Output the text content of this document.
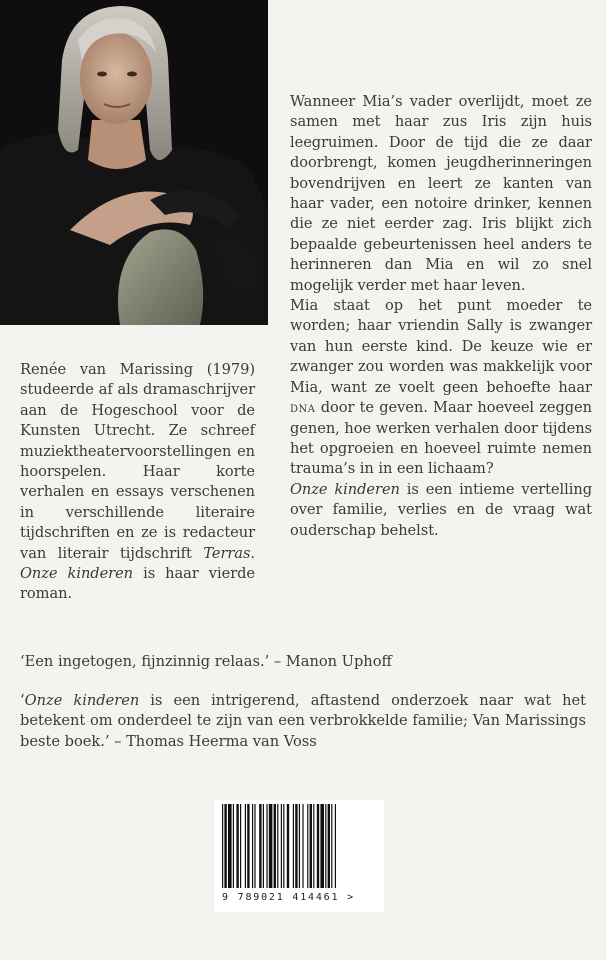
Wanneer Mia’s vader overlijdt, moet ze samen met haar zus Iris zijn huis leegruimen. Door de tijd die ze daar doorbrengt, komen jeugdherinneringen bovendrijven en leert ze kanten van haar vader, een notoire drinker, kennen die ze niet eerder zag. Iris blijkt zich bepaalde gebeurtenissen heel anders te herinneren dan Mia en wil zo snel mogelijk verder met haar leven.

Mia staat op het punt moeder te worden; haar vriendin Sally is zwanger van hun eerste kind. De keuze wie er zwanger zou worden was makkelijk voor Mia, want ze voelt geen behoefte haar dna door te geven. Maar hoeveel zeggen genen, hoe werken verhalen door tijdens het opgroeien en hoeveel ruimte nemen trauma’s in in een lichaam?

Onze kinderen is een intieme vertelling over familie, verlies en de vraag wat ouderschap behelst.

Renée van Marissing (1979) studeerde af als dramaschrijver aan de Hogeschool voor de Kunsten Utrecht. Ze schreef muziektheatervoorstellingen en hoorspelen. Haar korte verhalen en essays verschenen in verschillende literaire tijdschriften en ze is redacteur van literair tijdschrift Terras. Onze kinderen is haar vierde roman.

‘Een ingetogen, fijnzinnig relaas.’ – Manon Uphoff

‘Onze kinderen is een intrigerend, aftastend onderzoek naar wat het betekent om onderdeel te zijn van een verbrokkelde familie; Van Marissings beste boek.’ – Thomas Heerma van Voss

9 789021 414461 >
